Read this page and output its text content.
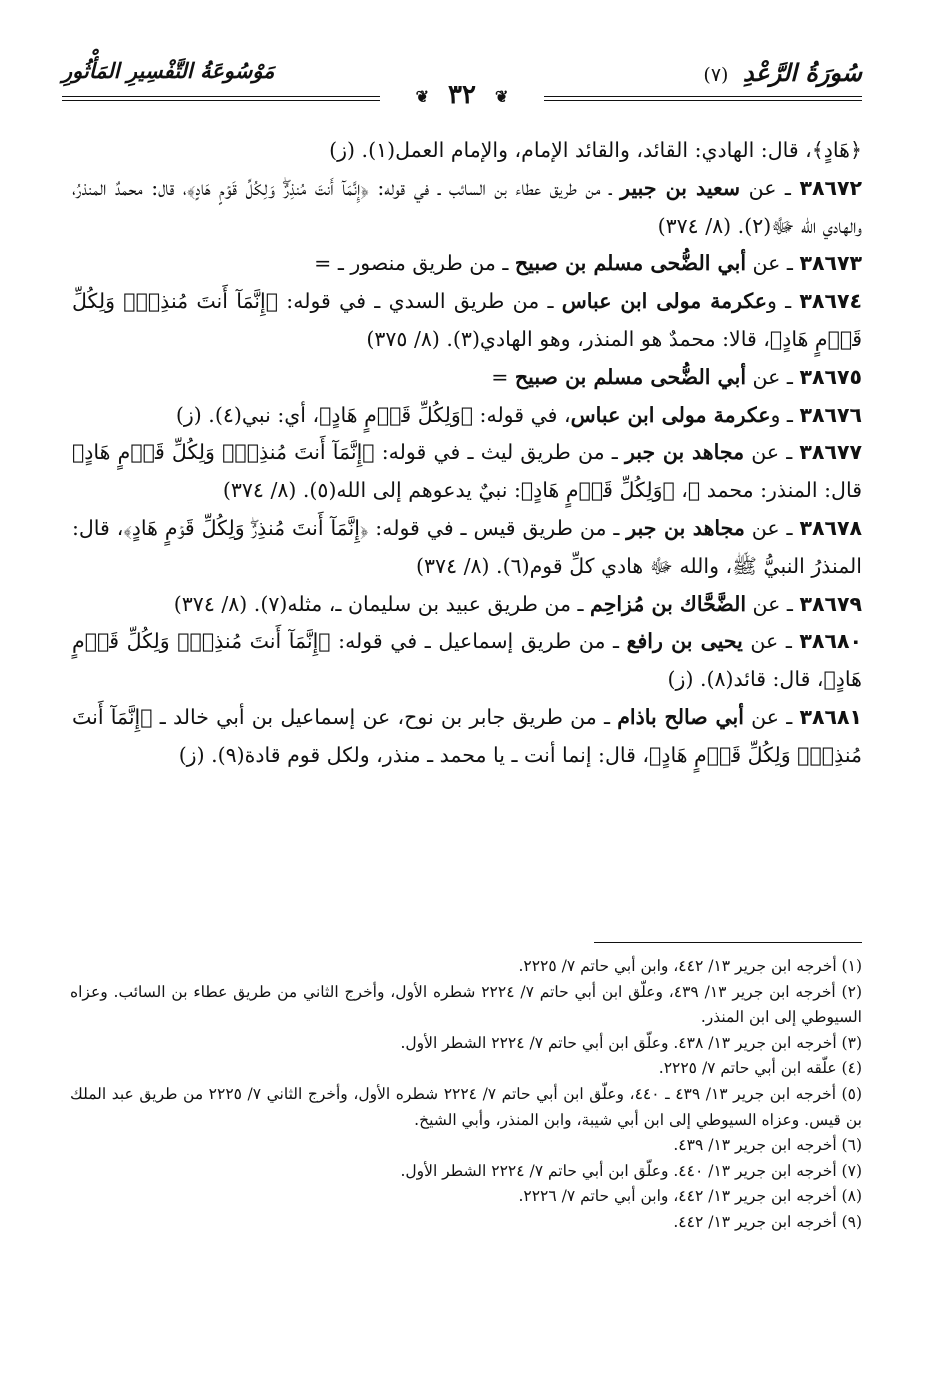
سُورَةُ الرَّعْدِ (٧)
مَوْسُوعَةُ التَّفْسِيرِ المَأْثُورِ
❦ ٣٢ ❦

﴿هَادٍ﴾، قال: الهادي: القائد، والقائد الإمام، والإمام العمل(١). (ز)

٣٨٦٧٢ ـ عن سعيد بن جبير ـ من طريق عطاء بن السائب ـ في قوله: ﴿إِنَّمَآ أَنتَ مُنذِرٌۖ وَلِكُلِّ قَوۡمٍ هَادٍ﴾، قال: محمدٌ المنذرُ، والهادي الله ﷻ(٢). (٨/ ٣٧٤)

٣٨٦٧٣ ـ عن أبي الضُّحى مسلم بن صبيح ـ من طريق منصور ـ =

٣٨٦٧٤ ـ وعكرمة مولى ابن عباس ـ من طريق السدي ـ في قوله: ﴿إِنَّمَآ أَنتَ مُنذِرٌۖ وَلِكُلِّ قَوۡمٍ هَادٍ﴾، قالا: محمدٌ هو المنذر، وهو الهادي(٣). (٨/ ٣٧٥)

٣٨٦٧٥ ـ عن أبي الضُّحى مسلم بن صبيح =

٣٨٦٧٦ ـ وعكرمة مولى ابن عباس، في قوله: ﴿وَلِكُلِّ قَوۡمٍ هَادٍ﴾، أي: نبي(٤). (ز)

٣٨٦٧٧ ـ عن مجاهد بن جبر ـ من طريق ليث ـ في قوله: ﴿إِنَّمَآ أَنتَ مُنذِرٌۖ وَلِكُلِّ قَوۡمٍ هَادٍ﴾ قال: المنذر: محمد ﷺ، ﴿وَلِكُلِّ قَوۡمٍ هَادٍ﴾: نبيٌ يدعوهم إلى الله(٥). (٨/ ٣٧٤)

٣٨٦٧٨ ـ عن مجاهد بن جبر ـ من طريق قيس ـ في قوله: ﴿إِنَّمَآ أَنتَ مُنذِرٌۖ وَلِكُلِّ قَوۡمٍ هَادٍ﴾، قال: المنذرُ النبيُّ ﷺ، والله ﷻ هادي كلِّ قوم(٦). (٨/ ٣٧٤)

٣٨٦٧٩ ـ عن الضَّحَّاك بن مُزاحِم ـ من طريق عبيد بن سليمان ـ، مثله(٧). (٨/ ٣٧٤)

٣٨٦٨٠ ـ عن يحيى بن رافع ـ من طريق إسماعيل ـ في قوله: ﴿إِنَّمَآ أَنتَ مُنذِرٌۖ وَلِكُلِّ قَوۡمٍ هَادٍ﴾، قال: قائد(٨). (ز)

٣٨٦٨١ ـ عن أبي صالح باذام ـ من طريق جابر بن نوح، عن إسماعيل بن أبي خالد ـ ﴿إِنَّمَآ أَنتَ مُنذِرٌۖ وَلِكُلِّ قَوۡمٍ هَادٍ﴾، قال: إنما أنت ـ يا محمد ـ منذر، ولكل قوم قادة(٩). (ز)

(١) أخرجه ابن جرير ١٣/ ٤٤٢، وابن أبي حاتم ٧/ ٢٢٢٥.

(٢) أخرجه ابن جرير ١٣/ ٤٣٩، وعلّق ابن أبي حاتم ٧/ ٢٢٢٤ شطره الأول، وأخرج الثاني من طريق عطاء بن السائب. وعزاه السيوطي إلى ابن المنذر.

(٣) أخرجه ابن جرير ١٣/ ٤٣٨. وعلّق ابن أبي حاتم ٧/ ٢٢٢٤ الشطر الأول.

(٤) علّقه ابن أبي حاتم ٧/ ٢٢٢٥.

(٥) أخرجه ابن جرير ١٣/ ٤٣٩ ـ ٤٤٠، وعلّق ابن أبي حاتم ٧/ ٢٢٢٤ شطره الأول، وأخرج الثاني ٧/ ٢٢٢٥ من طريق عبد الملك بن قيس. وعزاه السيوطي إلى ابن أبي شيبة، وابن المنذر، وأبي الشيخ.

(٦) أخرجه ابن جرير ١٣/ ٤٣٩.

(٧) أخرجه ابن جرير ١٣/ ٤٤٠. وعلّق ابن أبي حاتم ٧/ ٢٢٢٤ الشطر الأول.

(٨) أخرجه ابن جرير ١٣/ ٤٤٢، وابن أبي حاتم ٧/ ٢٢٢٦.

(٩) أخرجه ابن جرير ١٣/ ٤٤٢.
